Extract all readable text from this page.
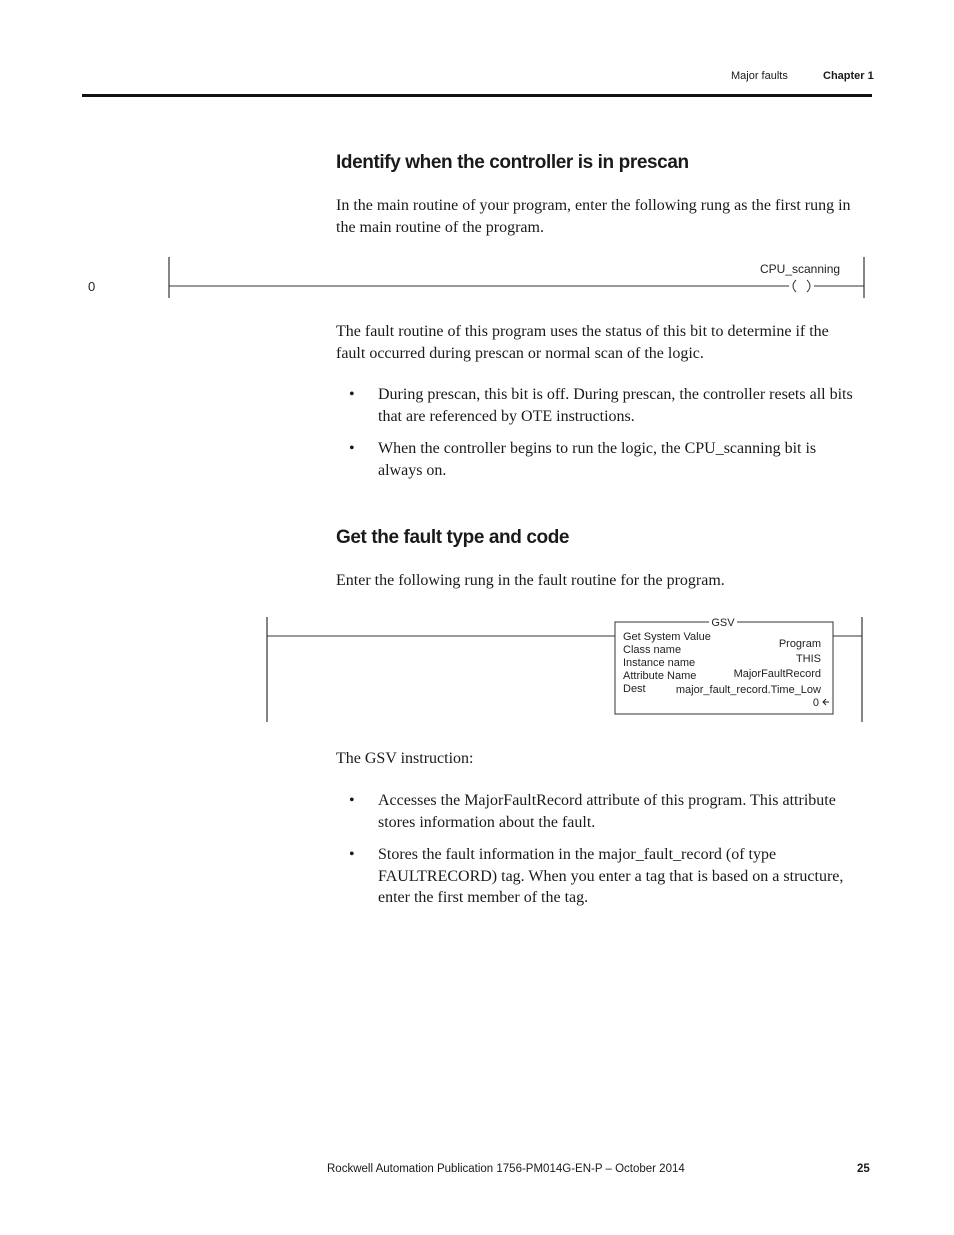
Major faults	Chapter 1
Identify when the controller is in prescan
In the main routine of your program, enter the following rung as the first rung in the main routine of the program.
0
CPU_scanning
The fault routine of this program uses the status of this bit to determine if the fault occurred during prescan or normal scan of the logic.
• During prescan, this bit is off. During prescan, the controller resets all bits that are referenced by OTE instructions.
• When the controller begins to run the logic, the CPU_scanning bit is always on.
Get the fault type and code
Enter the following rung in the fault routine for the program.
GSV
Get System Value
Class name	Program
Instance name	THIS
Attribute Name	MajorFaultRecord
Dest	major_fault_record.Time_Low
0
The GSV instruction:
• Accesses the MajorFaultRecord attribute of this program. This attribute stores information about the fault.
• Stores the fault information in the major_fault_record (of type FAULTRECORD) tag. When you enter a tag that is based on a structure, enter the first member of the tag.
Rockwell Automation Publication 1756-PM014G-EN-P – October 2014	25
